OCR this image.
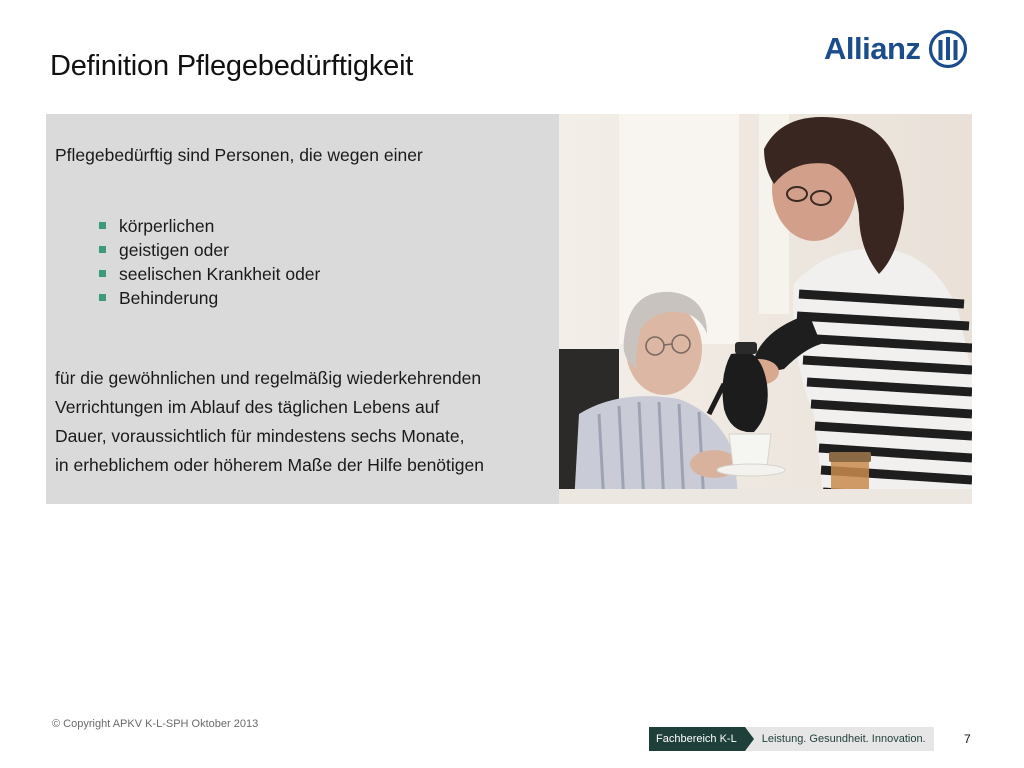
Definition Pflegebedürftigkeit	Allianz
Pflegebedürftig sind Personen, die wegen einer
körperlichen
geistigen oder
seelischen Krankheit oder
Behinderung
für die gewöhnlichen und regelmäßig wiederkehrenden
Verrichtungen im Ablauf des täglichen Lebens auf
Dauer, voraussichtlich für mindestens sechs Monate,
in erheblichem oder höherem Maße der Hilfe benötigen
© Copyright APKV K-L-SPH Oktober 2013
Fachbereich K-L	Leistung. Gesundheit. Innovation.	7
